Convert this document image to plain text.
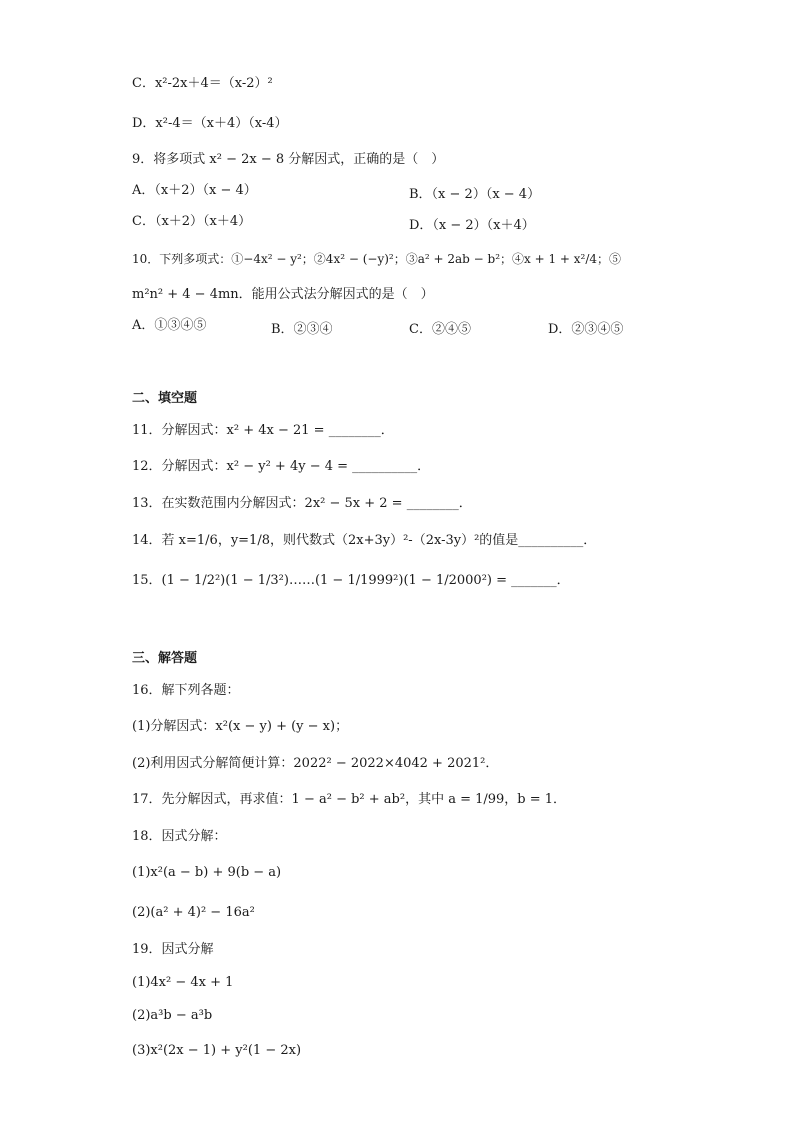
C．x²-2x＋4＝（x-2）²
D．x²-4＝（x＋4）（x-4）
9．将多项式 x² − 2x − 8 分解因式，正确的是（　）
A．（x＋2）（x − 4）	B．（x − 2）（x − 4）
C．（x＋2）（x＋4）	D．（x − 2）（x＋4）
10．下列多项式：①−4x² − y²；②4x² − (−y)²；③a² + 2ab − b²；④x + 1 + x²/4；⑤
m²n² + 4 − 4mn．能用公式法分解因式的是（　）
A．①③④⑤	B．②③④	C．②④⑤	D．②③④⑤
二、填空题
11．分解因式：x² + 4x − 21 = ________．
12．分解因式：x² − y² + 4y − 4 = __________．
13．在实数范围内分解因式：2x² − 5x + 2 = ________．
14．若 x=1/6，y=1/8，则代数式（2x+3y）²-（2x-3y）²的值是__________．
15．(1 − 1/2²)(1 − 1/3²)……(1 − 1/1999²)(1 − 1/2000²) = _______．
三、解答题
16．解下列各题：
(1)分解因式：x²(x − y) + (y − x)；
(2)利用因式分解简便计算：2022² − 2022×4042 + 2021²．
17．先分解因式，再求值：1 − a² − b² + ab²，其中 a = 1/99，b = 1．
18．因式分解：
(1)x²(a − b) + 9(b − a)
(2)(a² + 4)² − 16a²
19．因式分解
(1)4x² − 4x + 1
(2)a³b − a³b
(3)x²(2x − 1) + y²(1 − 2x)
